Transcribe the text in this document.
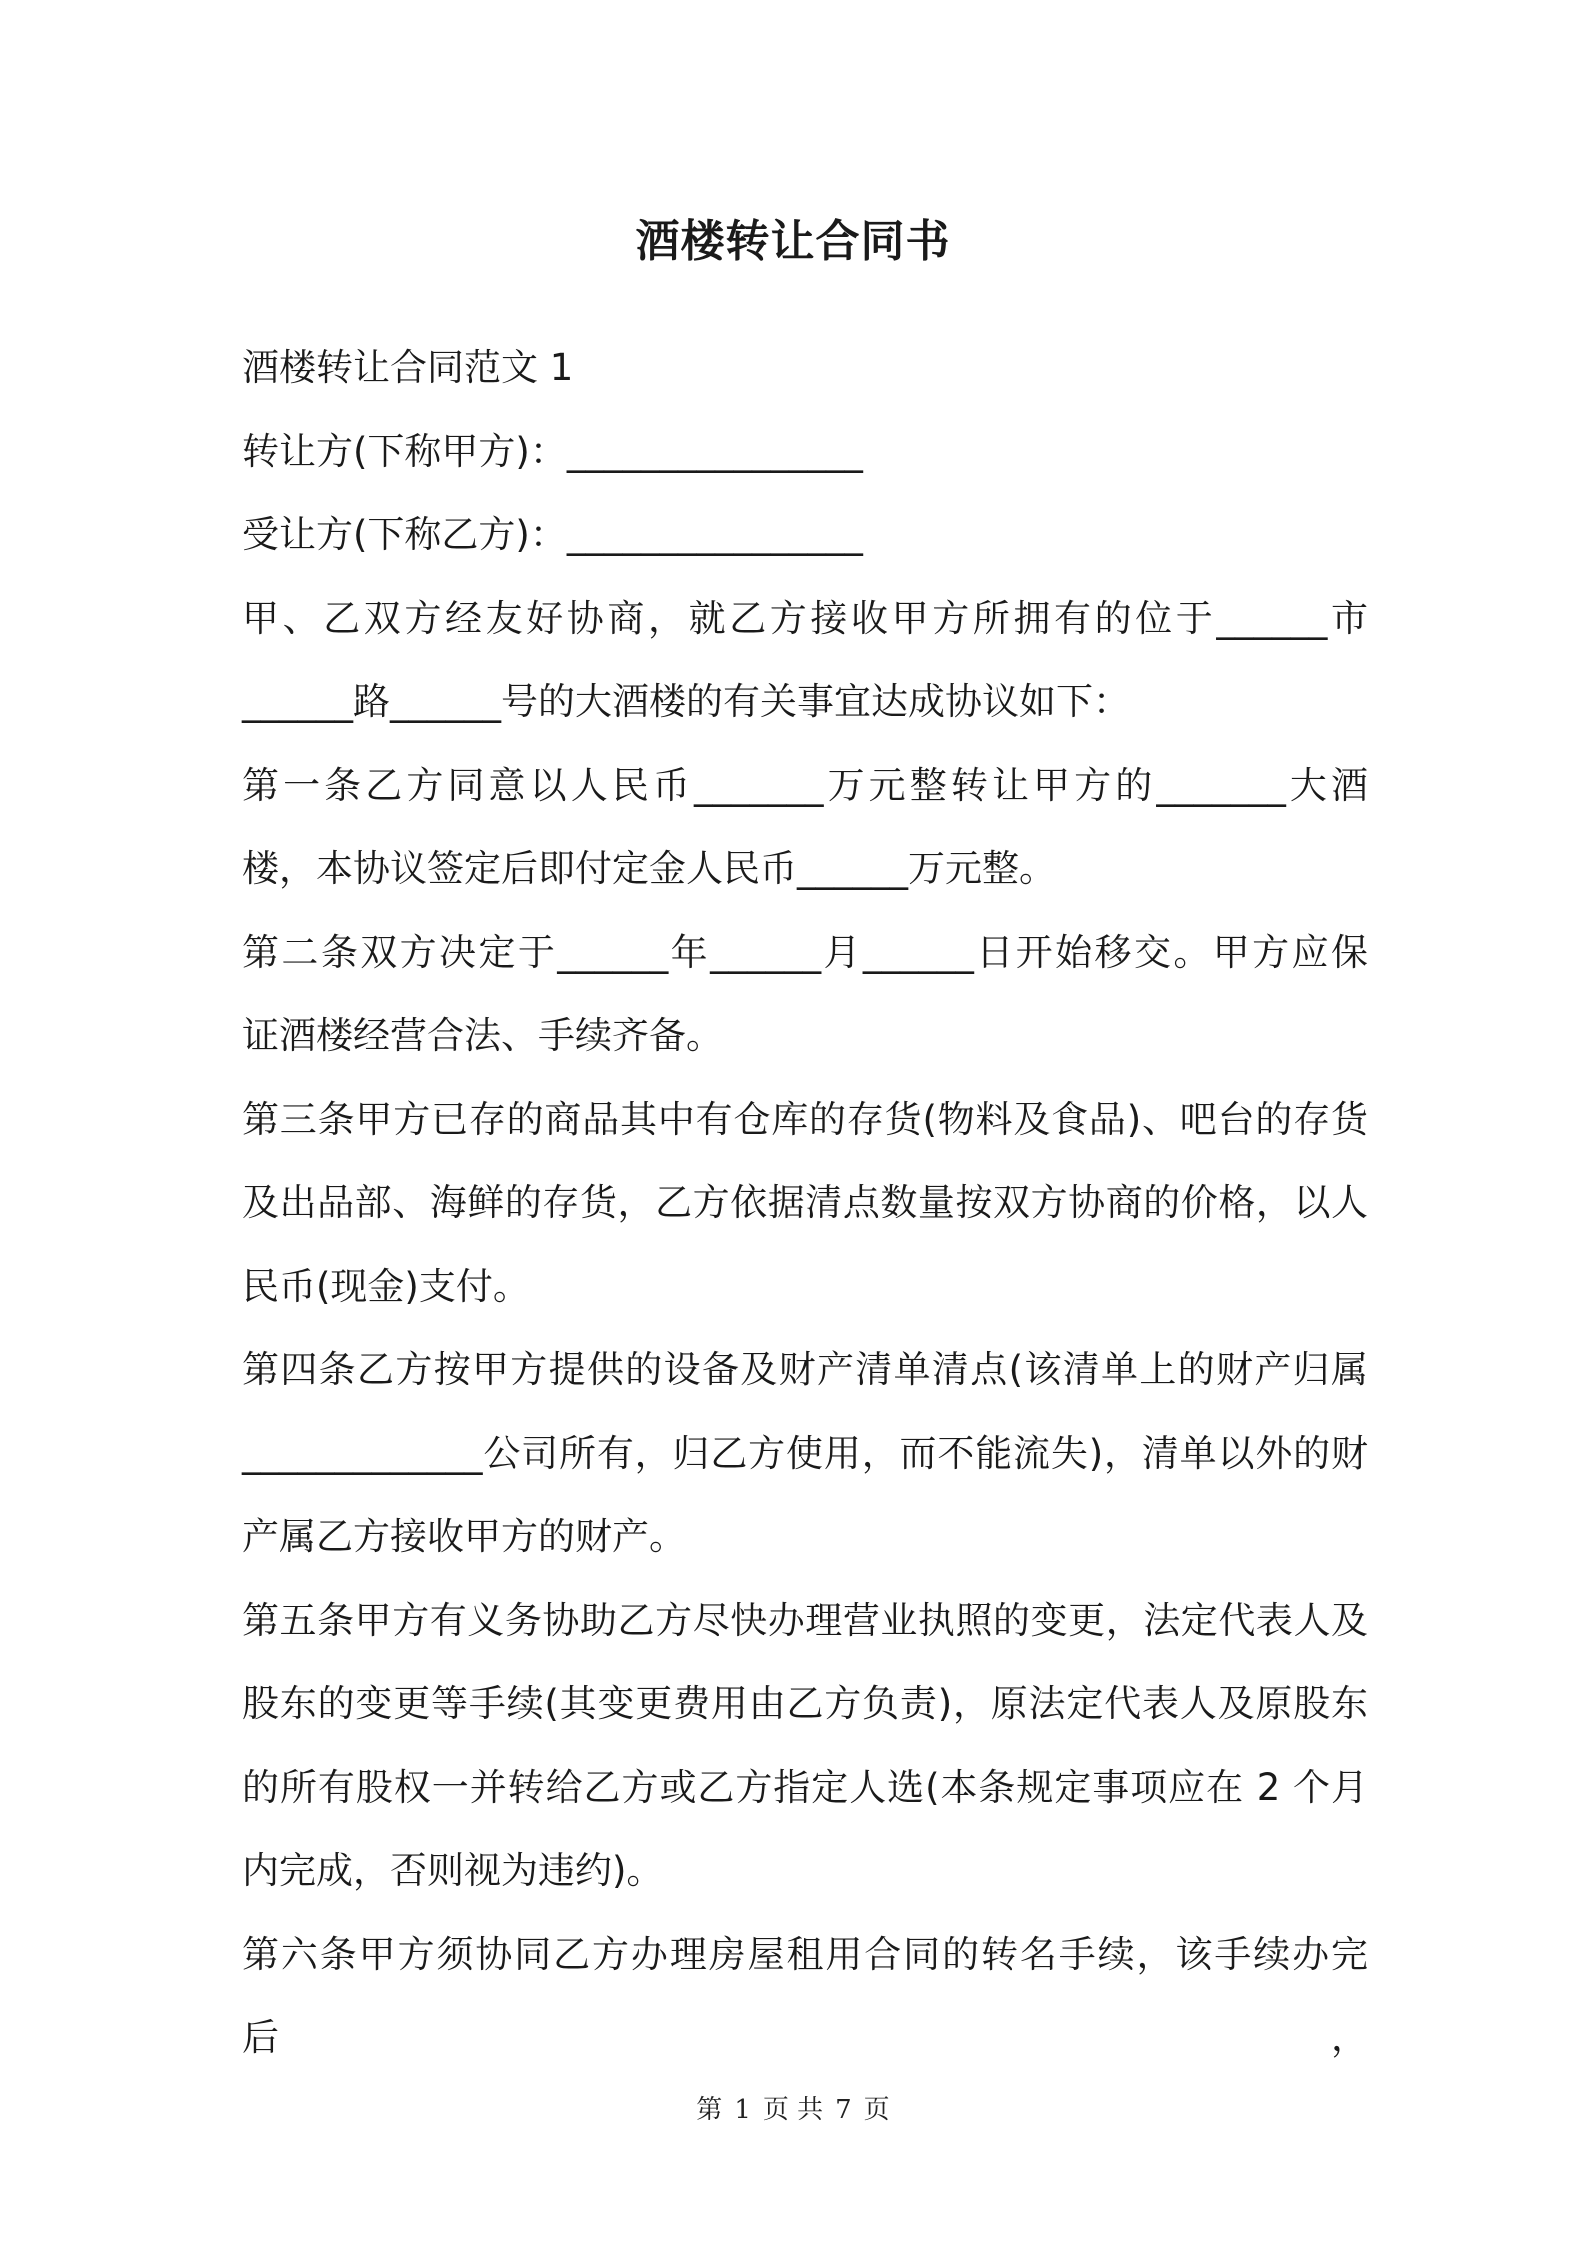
酒楼转让合同书
酒楼转让合同范文 1
转让方(下称甲方)：________________
受让方(下称乙方)：________________
甲、乙双方经友好协商，就乙方接收甲方所拥有的位于______市
______路______号的大酒楼的有关事宜达成协议如下：
第一条乙方同意以人民币_______万元整转让甲方的_______大酒
楼，本协议签定后即付定金人民币______万元整。
第二条双方决定于______年______月______日开始移交。甲方应保
证酒楼经营合法、手续齐备。
第三条甲方已存的商品其中有仓库的存货(物料及食品)、吧台的存货
及出品部、海鲜的存货，乙方依据清点数量按双方协商的价格，以人
民币(现金)支付。
第四条乙方按甲方提供的设备及财产清单清点(该清单上的财产归属
_____________公司所有，归乙方使用，而不能流失)，清单以外的财
产属乙方接收甲方的财产。
第五条甲方有义务协助乙方尽快办理营业执照的变更，法定代表人及
股东的变更等手续(其变更费用由乙方负责)，原法定代表人及原股东
的所有股权一并转给乙方或乙方指定人选(本条规定事项应在 2 个月
内完成，否则视为违约)。
第六条甲方须协同乙方办理房屋租用合同的转名手续，该手续办完后，
第 1 页 共 7 页
